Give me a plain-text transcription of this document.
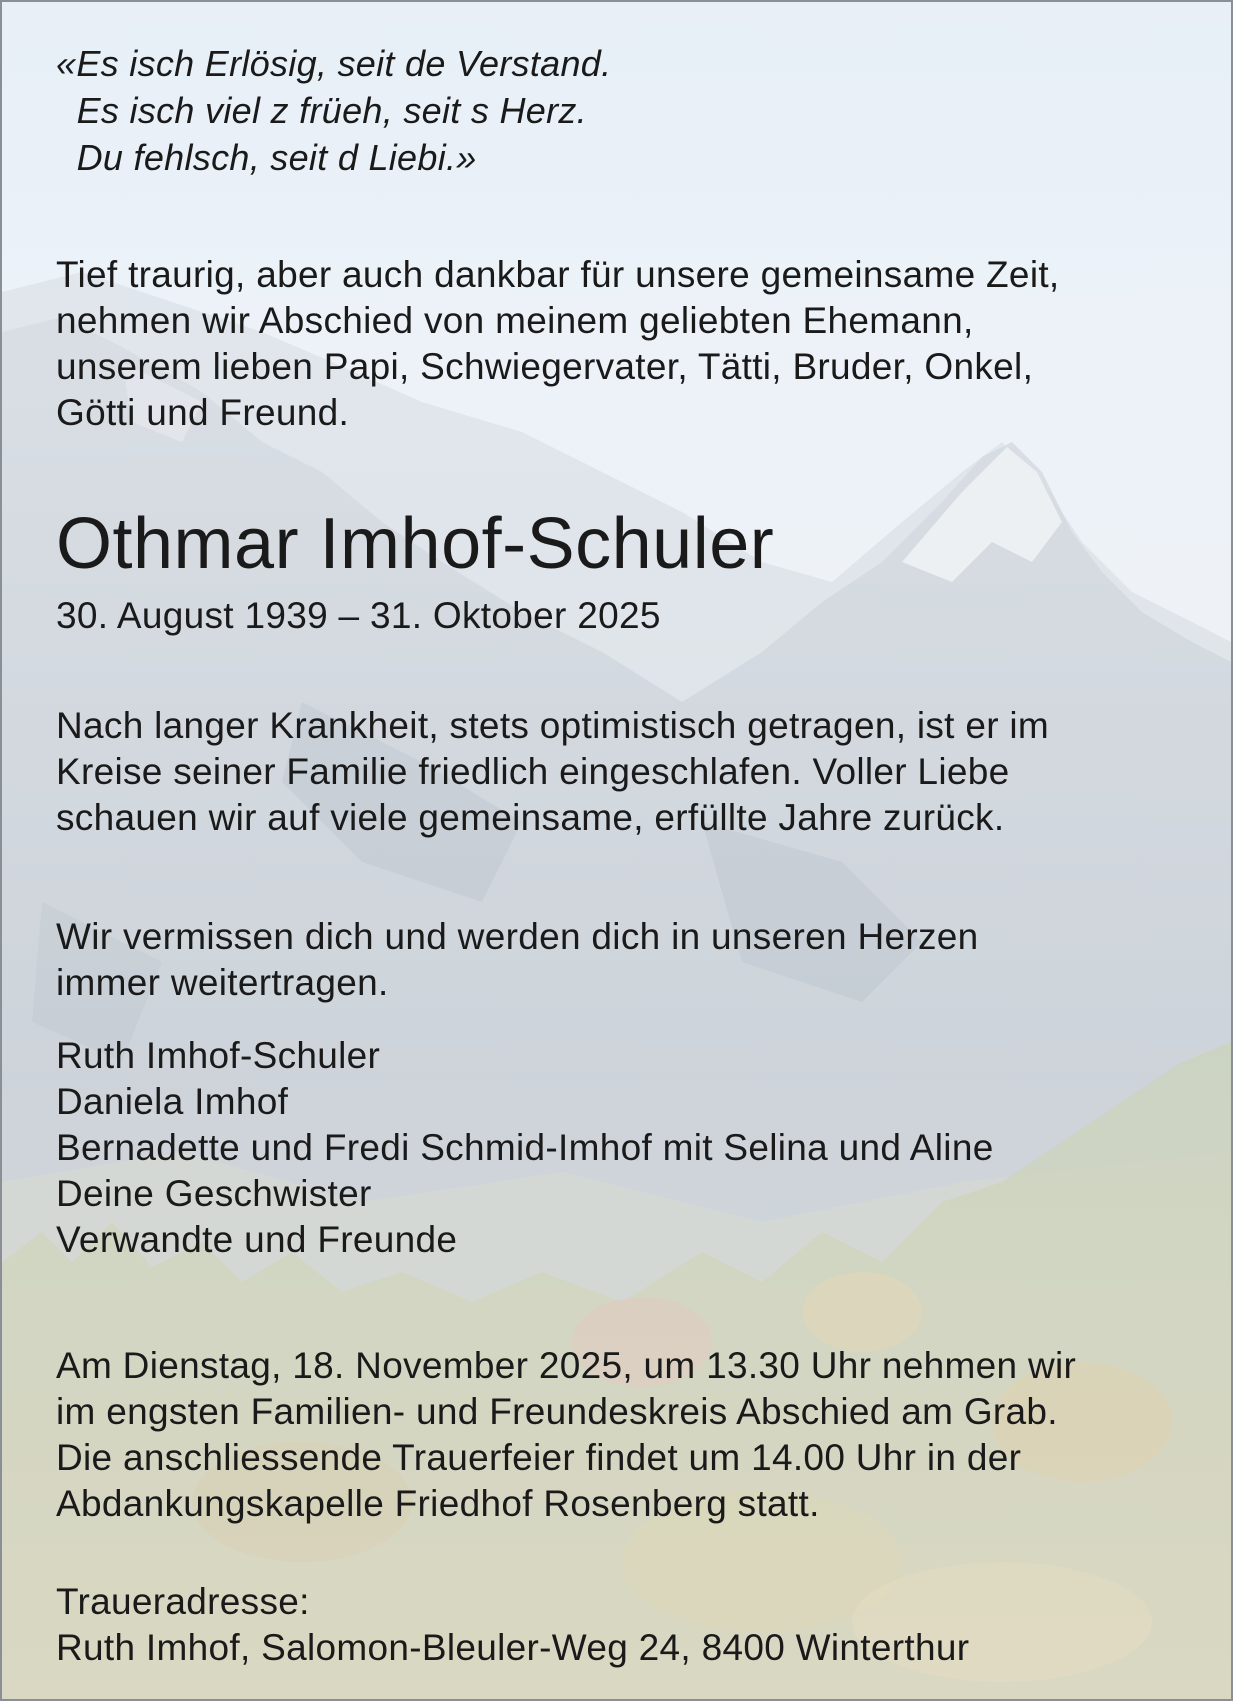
«Es isch Erlösig, seit de Verstand.
Es isch viel z früeh, seit s Herz.
Du fehlsch, seit d Liebi.»

Tief traurig, aber auch dankbar für unsere gemeinsame Zeit,
nehmen wir Abschied von meinem geliebten Ehemann,
unserem lieben Papi, Schwiegervater, Tätti, Bruder, Onkel,
Götti und Freund.

Othmar Imhof-Schuler

30. August 1939 – 31. Oktober 2025

Nach langer Krankheit, stets optimistisch getragen, ist er im
Kreise seiner Familie friedlich eingeschlafen. Voller Liebe
schauen wir auf viele gemeinsame, erfüllte Jahre zurück.

Wir vermissen dich und werden dich in unseren Herzen
immer weitertragen.

Ruth Imhof-Schuler
Daniela Imhof
Bernadette und Fredi Schmid-Imhof mit Selina und Aline
Deine Geschwister
Verwandte und Freunde

Am Dienstag, 18. November 2025, um 13.30 Uhr nehmen wir
im engsten Familien- und Freundeskreis Abschied am Grab.
Die anschliessende Trauerfeier findet um 14.00 Uhr in der
Abdankungskapelle Friedhof Rosenberg statt.

Traueradresse:
Ruth Imhof, Salomon-Bleuler-Weg 24, 8400 Winterthur
